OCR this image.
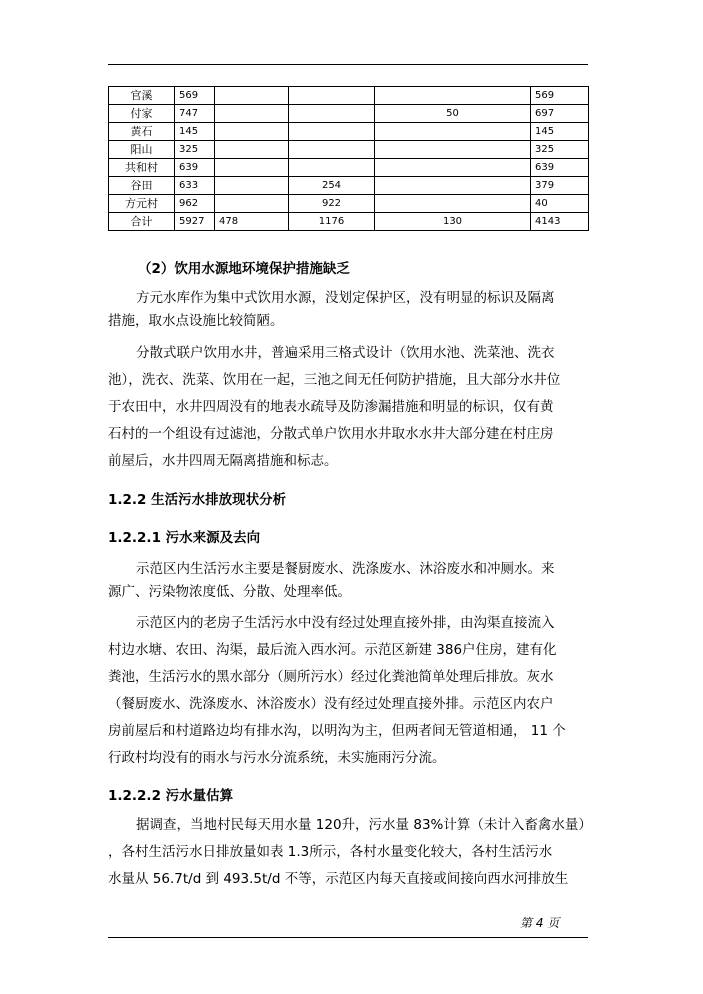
官溪	569				569
付家	747			50	697
黄石	145				145
阳山	325				325
共和村	639				639
谷田	633		254		379
方元村	962		922		40
合计	5927	478	1176	130	4143
（2）饮用水源地环境保护措施缺乏
方元水库作为集中式饮用水源，没划定保护区，没有明显的标识及隔离
措施，取水点设施比较简陋。
分散式联户饮用水井，普遍采用三格式设计（饮用水池、洗菜池、洗衣
池），洗衣、洗菜、饮用在一起，三池之间无任何防护措施，且大部分水井位
于农田中，水井四周没有的地表水疏导及防渗漏措施和明显的标识，仅有黄
石村的一个组设有过滤池，分散式单户饮用水井取水水井大部分建在村庄房
前屋后，水井四周无隔离措施和标志。
1.2.2 生活污水排放现状分析
1.2.2.1 污水来源及去向
示范区内生活污水主要是餐厨废水、洗涤废水、沐浴废水和冲厕水。来
源广、污染物浓度低、分散、处理率低。
示范区内的老房子生活污水中没有经过处理直接外排，由沟渠直接流入
村边水塘、农田、沟渠，最后流入西水河。示范区新建 386户住房，建有化
粪池，生活污水的黑水部分（厕所污水）经过化粪池简单处理后排放。灰水
（餐厨废水、洗涤废水、沐浴废水）没有经过处理直接外排。示范区内农户
房前屋后和村道路边均有排水沟，以明沟为主，但两者间无管道相通， 11 个
行政村均没有的雨水与污水分流系统，未实施雨污分流。
1.2.2.2 污水量估算
据调查，当地村民每天用水量 120升，污水量 83%计算（未计入畜禽水量）
，各村生活污水日排放量如表 1.3所示，各村水量变化较大，各村生活污水
水量从 56.7t/d 到 493.5t/d 不等，示范区内每天直接或间接向西水河排放生
第 4 页
